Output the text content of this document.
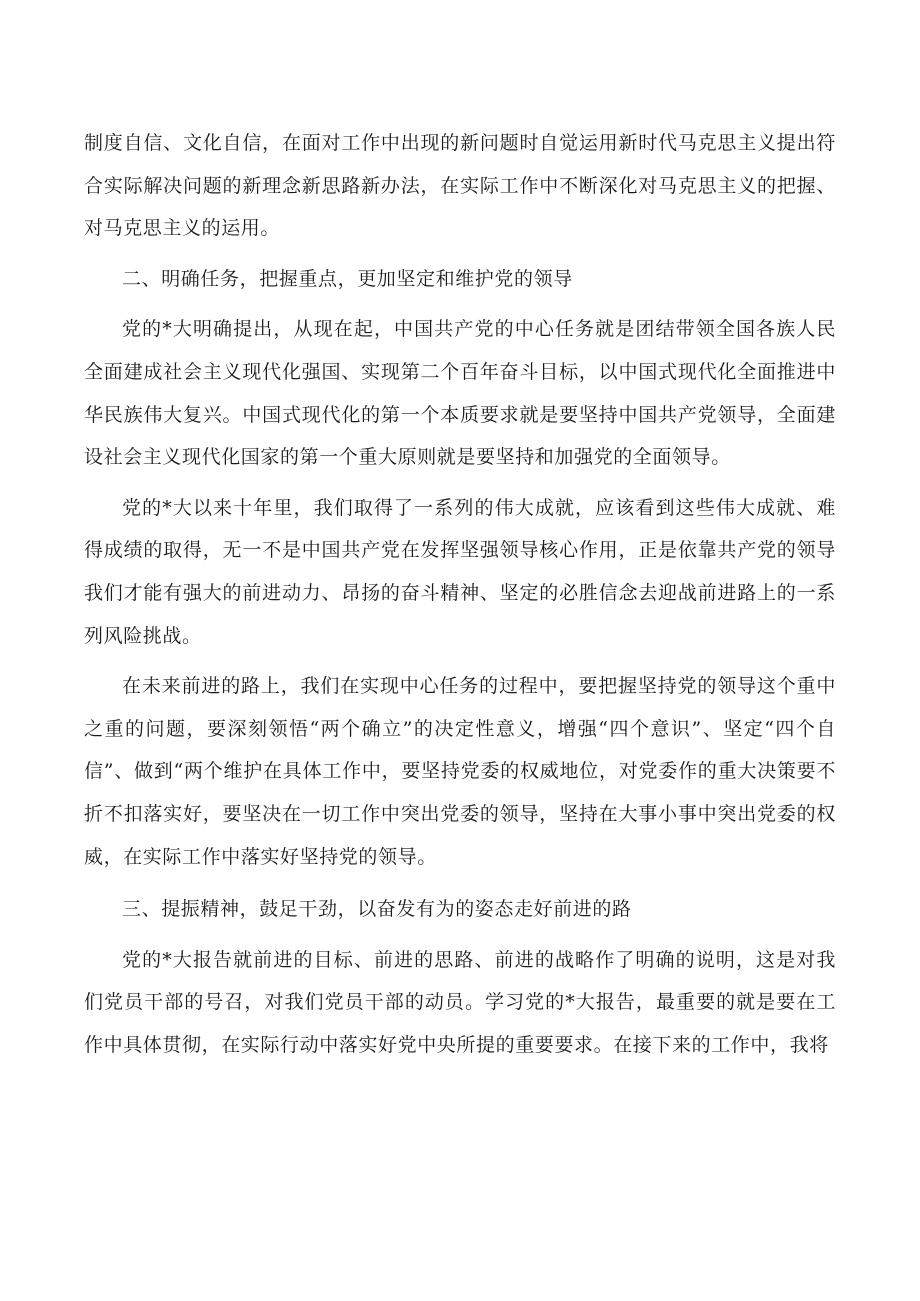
制度自信、文化自信，在面对工作中出现的新问题时自觉运用新时代马克思主义提出符合实际解决问题的新理念新思路新办法，在实际工作中不断深化对马克思主义的把握、对马克思主义的运用。

二、明确任务，把握重点，更加坚定和维护党的领导

党的*大明确提出，从现在起，中国共产党的中心任务就是团结带领全国各族人民全面建成社会主义现代化强国、实现第二个百年奋斗目标，以中国式现代化全面推进中华民族伟大复兴。中国式现代化的第一个本质要求就是要坚持中国共产党领导，全面建设社会主义现代化国家的第一个重大原则就是要坚持和加强党的全面领导。

党的*大以来十年里，我们取得了一系列的伟大成就，应该看到这些伟大成就、难得成绩的取得，无一不是中国共产党在发挥坚强领导核心作用，正是依靠共产党的领导我们才能有强大的前进动力、昂扬的奋斗精神、坚定的必胜信念去迎战前进路上的一系列风险挑战。

在未来前进的路上，我们在实现中心任务的过程中，要把握坚持党的领导这个重中之重的问题，要深刻领悟“两个确立”的决定性意义，增强“四个意识”、坚定“四个自信”、做到“两个维护在具体工作中，要坚持党委的权威地位，对党委作的重大决策要不折不扣落实好，要坚决在一切工作中突出党委的领导，坚持在大事小事中突出党委的权威，在实际工作中落实好坚持党的领导。

三、提振精神，鼓足干劲，以奋发有为的姿态走好前进的路

党的*大报告就前进的目标、前进的思路、前进的战略作了明确的说明，这是对我们党员干部的号召，对我们党员干部的动员。学习党的*大报告，最重要的就是要在工作中具体贯彻，在实际行动中落实好党中央所提的重要要求。在接下来的工作中，我将
